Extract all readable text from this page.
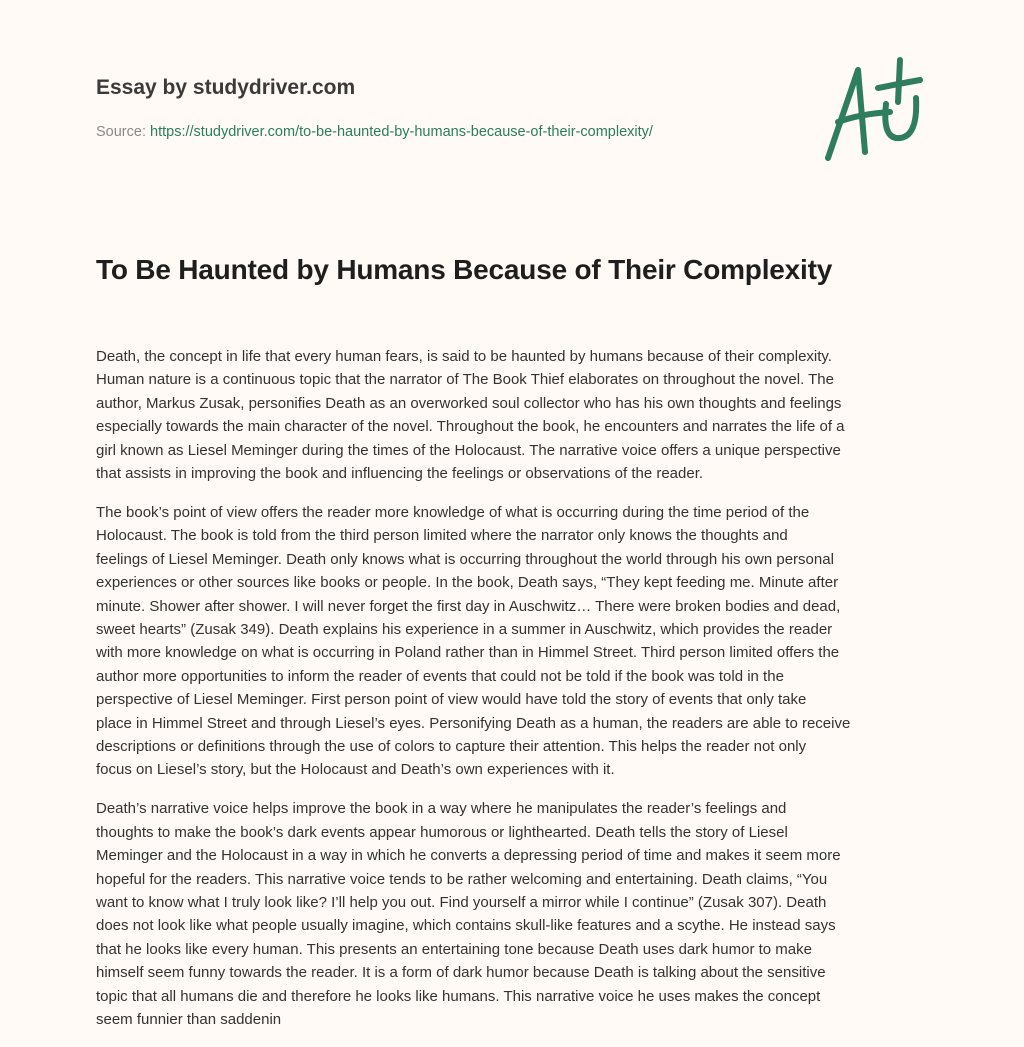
Essay by studydriver.com
Source: https://studydriver.com/to-be-haunted-by-humans-because-of-their-complexity/
To Be Haunted by Humans Because of Their Complexity

Death, the concept in life that every human fears, is said to be haunted by humans because of their complexity.
Human nature is a continuous topic that the narrator of The Book Thief elaborates on throughout the novel. The
author, Markus Zusak, personifies Death as an overworked soul collector who has his own thoughts and feelings
especially towards the main character of the novel. Throughout the book, he encounters and narrates the life of a
girl known as Liesel Meminger during the times of the Holocaust. The narrative voice offers a unique perspective
that assists in improving the book and influencing the feelings or observations of the reader.

The book’s point of view offers the reader more knowledge of what is occurring during the time period of the
Holocaust. The book is told from the third person limited where the narrator only knows the thoughts and
feelings of Liesel Meminger. Death only knows what is occurring throughout the world through his own personal
experiences or other sources like books or people. In the book, Death says, “They kept feeding me. Minute after
minute. Shower after shower. I will never forget the first day in Auschwitz… There were broken bodies and dead,
sweet hearts” (Zusak 349). Death explains his experience in a summer in Auschwitz, which provides the reader
with more knowledge on what is occurring in Poland rather than in Himmel Street. Third person limited offers the
author more opportunities to inform the reader of events that could not be told if the book was told in the
perspective of Liesel Meminger. First person point of view would have told the story of events that only take
place in Himmel Street and through Liesel’s eyes. Personifying Death as a human, the readers are able to receive
descriptions or definitions through the use of colors to capture their attention. This helps the reader not only
focus on Liesel’s story, but the Holocaust and Death’s own experiences with it.

Death’s narrative voice helps improve the book in a way where he manipulates the reader’s feelings and
thoughts to make the book’s dark events appear humorous or lighthearted. Death tells the story of Liesel
Meminger and the Holocaust in a way in which he converts a depressing period of time and makes it seem more
hopeful for the readers. This narrative voice tends to be rather welcoming and entertaining. Death claims, “You
want to know what I truly look like? I’ll help you out. Find yourself a mirror while I continue” (Zusak 307). Death
does not look like what people usually imagine, which contains skull-like features and a scythe. He instead says
that he looks like every human. This presents an entertaining tone because Death uses dark humor to make
himself seem funny towards the reader. It is a form of dark humor because Death is talking about the sensitive
topic that all humans die and therefore he looks like humans. This narrative voice he uses makes the concept
seem funnier than saddenin
